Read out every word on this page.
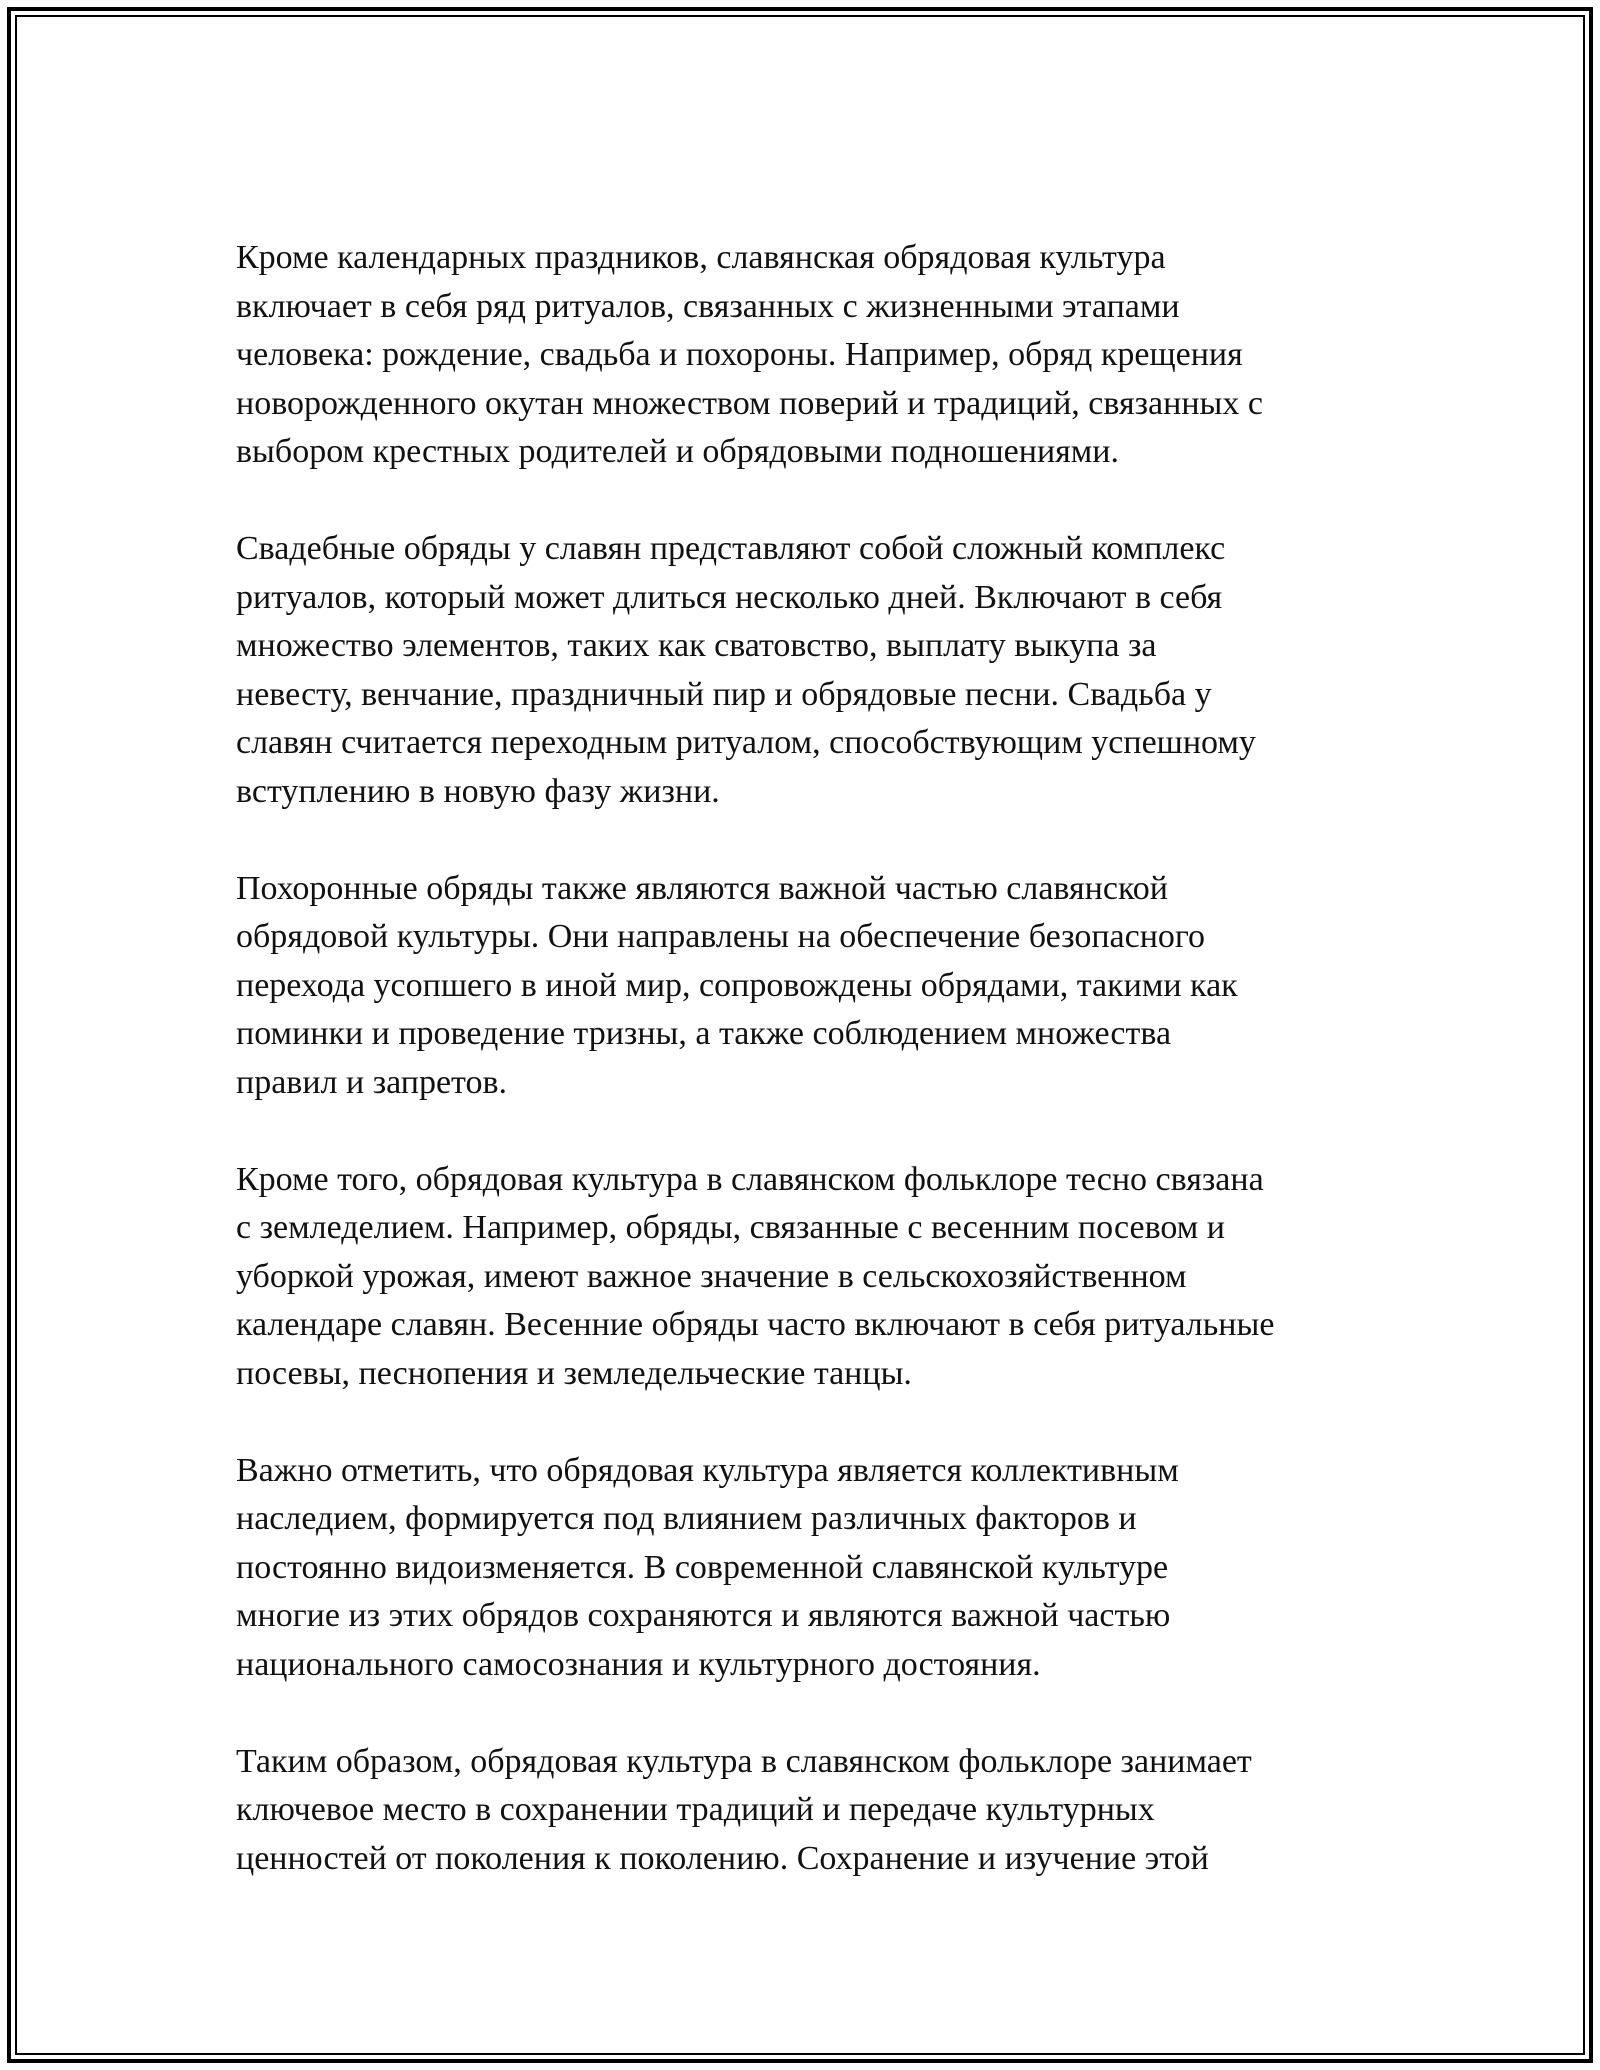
Кроме календарных праздников, славянская обрядовая культура
включает в себя ряд ритуалов, связанных с жизненными этапами
человека: рождение, свадьба и похороны. Например, обряд крещения
новорожденного окутан множеством поверий и традиций, связанных с
выбором крестных родителей и обрядовыми подношениями.

Свадебные обряды у славян представляют собой сложный комплекс
ритуалов, который может длиться несколько дней. Включают в себя
множество элементов, таких как сватовство, выплату выкупа за
невесту, венчание, праздничный пир и обрядовые песни. Свадьба у
славян считается переходным ритуалом, способствующим успешному
вступлению в новую фазу жизни.

Похоронные обряды также являются важной частью славянской
обрядовой культуры. Они направлены на обеспечение безопасного
перехода усопшего в иной мир, сопровождены обрядами, такими как
поминки и проведение тризны, а также соблюдением множества
правил и запретов.

Кроме того, обрядовая культура в славянском фольклоре тесно связана
с земледелием. Например, обряды, связанные с весенним посевом и
уборкой урожая, имеют важное значение в сельскохозяйственном
календаре славян. Весенние обряды часто включают в себя ритуальные
посевы, песнопения и земледельческие танцы.

Важно отметить, что обрядовая культура является коллективным
наследием, формируется под влиянием различных факторов и
постоянно видоизменяется. В современной славянской культуре
многие из этих обрядов сохраняются и являются важной частью
национального самосознания и культурного достояния.

Таким образом, обрядовая культура в славянском фольклоре занимает
ключевое место в сохранении традиций и передаче культурных
ценностей от поколения к поколению. Сохранение и изучение этой
